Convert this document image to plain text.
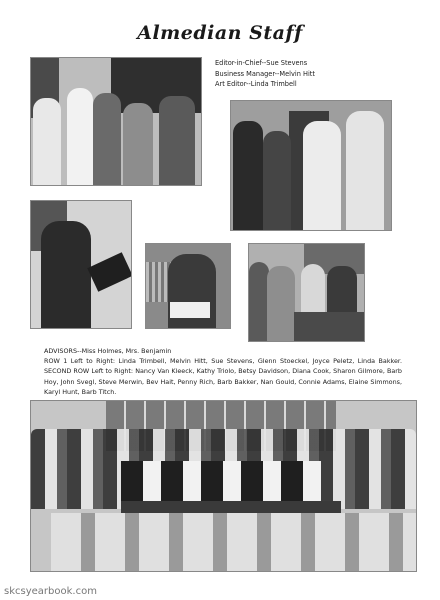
Almedian Staff
Editor-in-Chief--Sue Stevens
Business Manager--Melvin Hitt
Art Editor--Linda Trimbell
ADVISORS--Miss Holmes, Mrs. Benjamin
ROW 1 Left to Right: Linda Trimbell, Melvin Hitt, Sue Stevens, Glenn Stoeckel, Joyce Peletz, Linda Bakker. SECOND ROW Left to Right: Nancy Van Kleeck, Kathy Triolo, Betsy Davidson, Diana Cook, Sharon Gilmore, Barb Hoy, John Svegl, Steve Merwin, Bev Hait, Penny Rich, Barb Bakker, Nan Gould, Connie Adams, Elaine Simmons, Karyl Hunt, Barb Titch.
skcsyearbook.com
